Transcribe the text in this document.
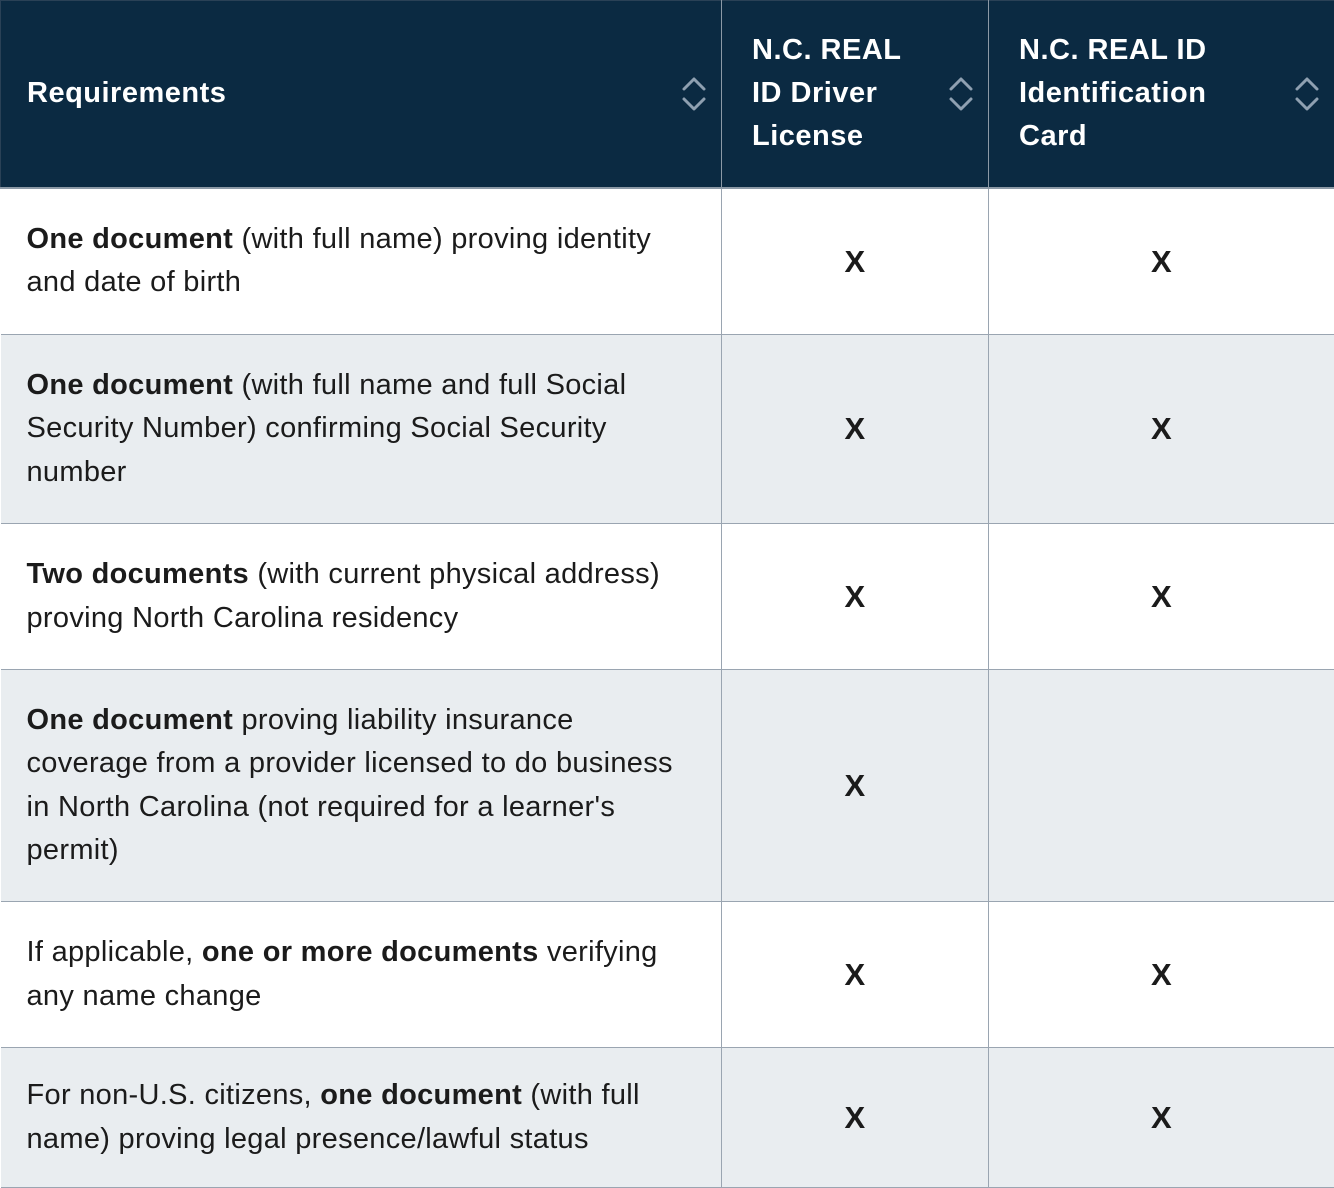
Requirements	N.C. REAL ID Driver License	N.C. REAL ID Identification Card

One document (with full name) proving identity and date of birth	X	X
One document (with full name and full Social Security Number) confirming Social Security number	X	X
Two documents (with current physical address) proving North Carolina residency	X	X
One document proving liability insurance coverage from a provider licensed to do business in North Carolina (not required for a learner's permit)	X	
If applicable, one or more documents verifying any name change	X	X
For non-U.S. citizens, one document (with full name) proving legal presence/lawful status	X	X
